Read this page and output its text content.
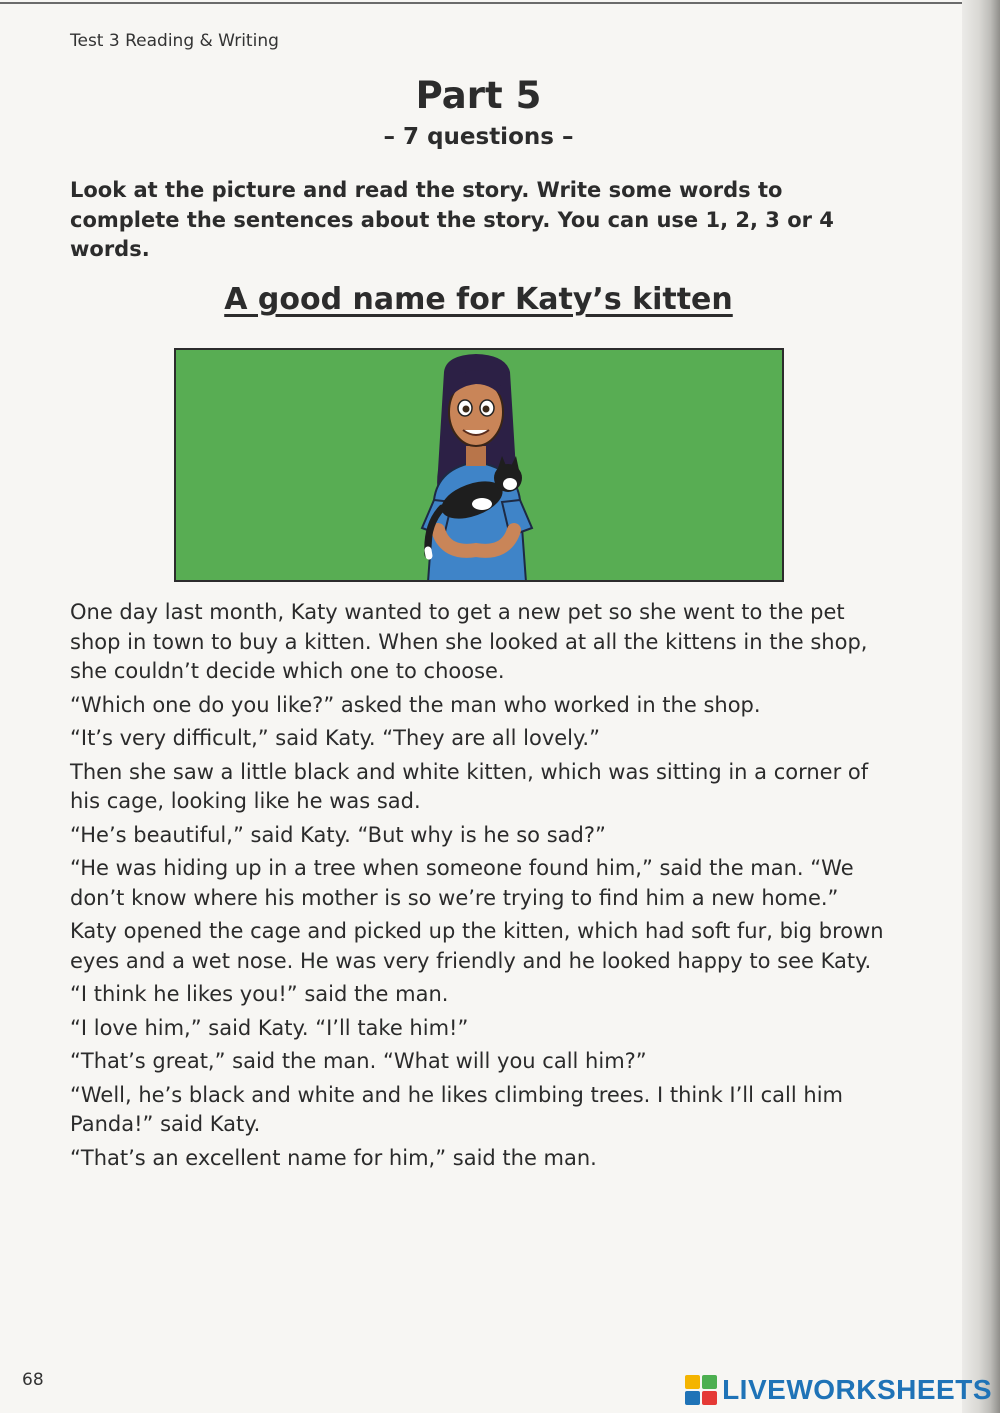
Test 3 Reading & Writing
Part 5
– 7 questions –
Look at the picture and read the story. Write some words to complete the sentences about the story. You can use 1, 2, 3 or 4 words.
A good name for Katy’s kitten

One day last month, Katy wanted to get a new pet so she went to the pet shop in town to buy a kitten. When she looked at all the kittens in the shop, she couldn’t decide which one to choose.

“Which one do you like?” asked the man who worked in the shop.

“It’s very difficult,” said Katy. “They are all lovely.”

Then she saw a little black and white kitten, which was sitting in a corner of his cage, looking like he was sad.

“He’s beautiful,” said Katy. “But why is he so sad?”

“He was hiding up in a tree when someone found him,” said the man. “We don’t know where his mother is so we’re trying to find him a new home.”

Katy opened the cage and picked up the kitten, which had soft fur, big brown eyes and a wet nose. He was very friendly and he looked happy to see Katy.

“I think he likes you!” said the man.

“I love him,” said Katy. “I’ll take him!”

“That’s great,” said the man. “What will you call him?”

“Well, he’s black and white and he likes climbing trees. I think I’ll call him Panda!” said Katy.

“That’s an excellent name for him,” said the man.

68	LIVEWORKSHEETS
